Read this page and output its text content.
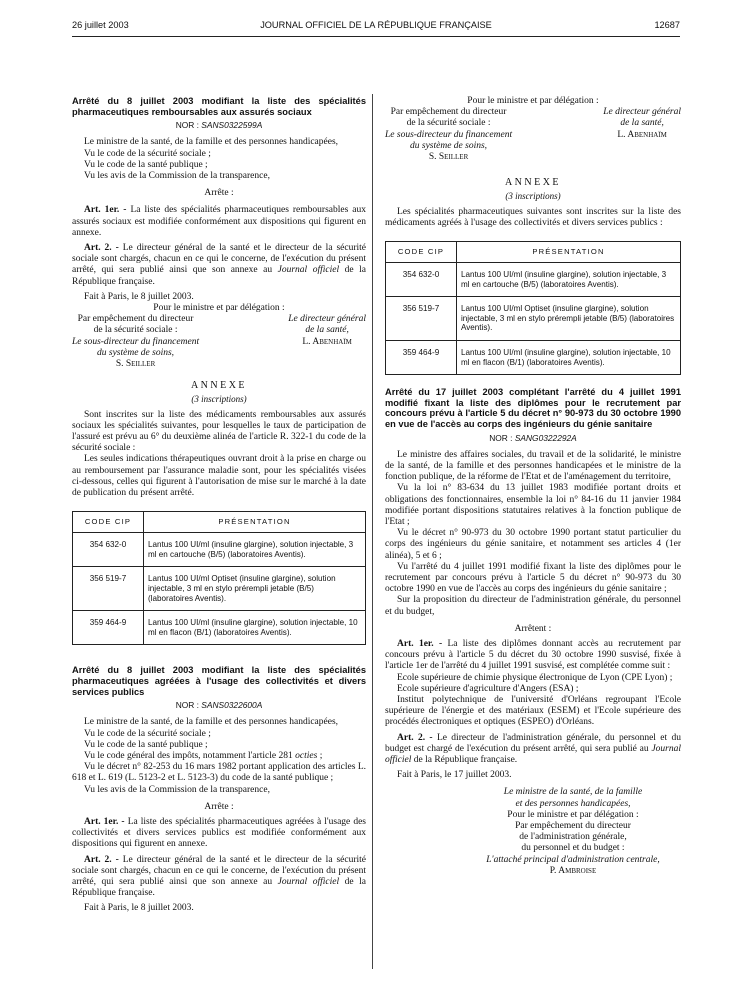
26 juillet 2003	JOURNAL OFFICIEL DE LA RÉPUBLIQUE FRANÇAISE	12687

Arrêté du 8 juillet 2003 modifiant la liste des spécialités pharmaceutiques remboursables aux assurés sociaux

NOR : SANS0322599A

Le ministre de la santé, de la famille et des personnes handicapées,

Vu le code de la sécurité sociale ;

Vu le code de la santé publique ;

Vu les avis de la Commission de la transparence,

Arrête :

Art. 1er. - La liste des spécialités pharmaceutiques remboursables aux assurés sociaux est modifiée conformément aux dispositions qui figurent en annexe.

Art. 2. - Le directeur général de la santé et le directeur de la sécurité sociale sont chargés, chacun en ce qui le concerne, de l'exécution du présent arrêté, qui sera publié ainsi que son annexe au Journal officiel de la République française.

Fait à Paris, le 8 juillet 2003.

Pour le ministre et par délégation :

Par empêchement du directeur
de la sécurité sociale :
Le sous-directeur du financement
du système de soins,
S. Seiller
Le directeur général
de la santé,
L. Abenhaïm
ANNEXE
(3 inscriptions)

Sont inscrites sur la liste des médicaments remboursables aux assurés sociaux les spécialités suivantes, pour lesquelles le taux de participation de l'assuré est prévu au 6° du deuxième alinéa de l'article R. 322-1 du code de la sécurité sociale :

Les seules indications thérapeutiques ouvrant droit à la prise en charge ou au remboursement par l'assurance maladie sont, pour les spécialités visées ci-dessous, celles qui figurent à l'autorisation de mise sur le marché à la date de publication du présent arrêté.

CODE CIP	PRÉSENTATION
354 632-0	Lantus 100 UI/ml (insuline glargine), solution injectable, 3 ml en cartouche (B/5) (laboratoires Aventis).
356 519-7	Lantus 100 UI/ml Optiset (insuline glargine), solution injectable, 3 ml en stylo prérempli jetable (B/5) (laboratoires Aventis).
359 464-9	Lantus 100 UI/ml (insuline glargine), solution injectable, 10 ml en flacon (B/1) (laboratoires Aventis).

Arrêté du 8 juillet 2003 modifiant la liste des spécialités pharmaceutiques agréées à l'usage des collectivités et divers services publics

NOR : SANS0322600A

Le ministre de la santé, de la famille et des personnes handicapées,

Vu le code de la sécurité sociale ;

Vu le code de la santé publique ;

Vu le code général des impôts, notamment l'article 281 octies ;

Vu le décret n° 82-253 du 16 mars 1982 portant application des articles L. 618 et L. 619 (L. 5123-2 et L. 5123-3) du code de la santé publique ;

Vu les avis de la Commission de la transparence,

Arrête :

Art. 1er. - La liste des spécialités pharmaceutiques agréées à l'usage des collectivités et divers services publics est modifiée conformément aux dispositions qui figurent en annexe.

Art. 2. - Le directeur général de la santé et le directeur de la sécurité sociale sont chargés, chacun en ce qui le concerne, de l'exécution du présent arrêté, qui sera publié ainsi que son annexe au Journal officiel de la République française.

Fait à Paris, le 8 juillet 2003.

Pour le ministre et par délégation :

Par empêchement du directeur
de la sécurité sociale :
Le sous-directeur du financement
du système de soins,
S. Seiller
Le directeur général
de la santé,
L. Abenhaïm
ANNEXE
(3 inscriptions)

Les spécialités pharmaceutiques suivantes sont inscrites sur la liste des médicaments agréés à l'usage des collectivités et divers services publics :

CODE CIP	PRÉSENTATION
354 632-0	Lantus 100 UI/ml (insuline glargine), solution injectable, 3 ml en cartouche (B/5) (laboratoires Aventis).
356 519-7	Lantus 100 UI/ml Optiset (insuline glargine), solution injectable, 3 ml en stylo prérempli jetable (B/5) (laboratoires Aventis).
359 464-9	Lantus 100 UI/ml (insuline glargine), solution injectable, 10 ml en flacon (B/1) (laboratoires Aventis).

Arrêté du 17 juillet 2003 complétant l'arrêté du 4 juillet 1991 modifié fixant la liste des diplômes pour le recrutement par concours prévu à l'article 5 du décret n° 90-973 du 30 octobre 1990 en vue de l'accès au corps des ingénieurs du génie sanitaire

NOR : SANG0322292A

Le ministre des affaires sociales, du travail et de la solidarité, le ministre de la santé, de la famille et des personnes handicapées et le ministre de la fonction publique, de la réforme de l'Etat et de l'aménagement du territoire,

Vu la loi n° 83-634 du 13 juillet 1983 modifiée portant droits et obligations des fonctionnaires, ensemble la loi n° 84-16 du 11 janvier 1984 modifiée portant dispositions statutaires relatives à la fonction publique de l'Etat ;

Vu le décret n° 90-973 du 30 octobre 1990 portant statut particulier du corps des ingénieurs du génie sanitaire, et notamment ses articles 4 (1er alinéa), 5 et 6 ;

Vu l'arrêté du 4 juillet 1991 modifié fixant la liste des diplômes pour le recrutement par concours prévu à l'article 5 du décret n° 90-973 du 30 octobre 1990 en vue de l'accès au corps des ingénieurs du génie sanitaire ;

Sur la proposition du directeur de l'administration générale, du personnel et du budget,

Arrêtent :

Art. 1er. - La liste des diplômes donnant accès au recrutement par concours prévu à l'article 5 du décret du 30 octobre 1990 susvisé, fixée à l'article 1er de l'arrêté du 4 juillet 1991 susvisé, est complétée comme suit :

Ecole supérieure de chimie physique électronique de Lyon (CPE Lyon) ;

Ecole supérieure d'agriculture d'Angers (ESA) ;

Institut polytechnique de l'université d'Orléans regroupant l'Ecole supérieure de l'énergie et des matériaux (ESEM) et l'Ecole supérieure des procédés électroniques et optiques (ESPEO) d'Orléans.

Art. 2. - Le directeur de l'administration générale, du personnel et du budget est chargé de l'exécution du présent arrêté, qui sera publié au Journal officiel de la République française.

Fait à Paris, le 17 juillet 2003.

Le ministre de la santé, de la famille
et des personnes handicapées,
Pour le ministre et par délégation :
Par empêchement du directeur
de l'administration générale,
du personnel et du budget :
L'attaché principal d'administration centrale,
P. Ambroise
